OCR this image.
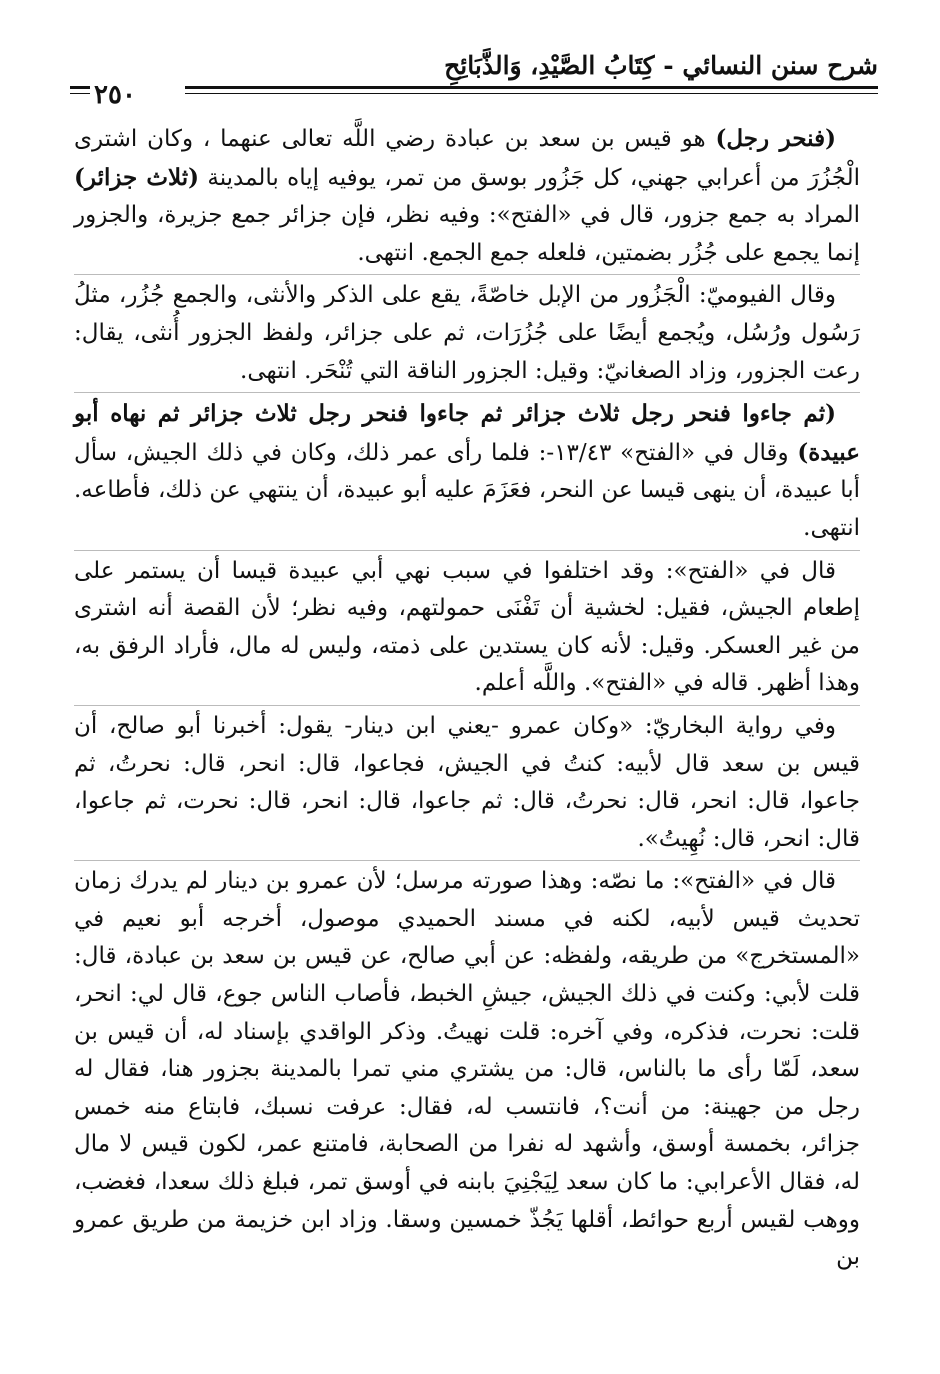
شرح سنن النسائي - كِتَابُ الصَّيْدِ، وَالذَّبَائِحِ
٢٥٠

(فنحر رجل) هو قيس بن سعد بن عبادة رضي اللَّه تعالى عنهما ، وكان اشترى الْجُزُرَ من أعرابي جهني، كل جَزُور بوسق من تمر، يوفيه إياه بالمدينة (ثلاث جزائر) المراد به جمع جزور، قال في «الفتح»: وفيه نظر، فإن جزائر جمع جزيرة، والجزور إنما يجمع على جُزُر بضمتين، فلعله جمع الجمع. انتهى.

وقال الفيوميّ: الْجَزُور من الإبل خاصّةً، يقع على الذكر والأنثى، والجمع جُزُر، مثلُ رَسُول ورُسُل، ويُجمع أيضًا على جُزُرَات، ثم على جزائر، ولفظ الجزور أُنثى، يقال: رعت الجزور، وزاد الصغانيّ: وقيل: الجزور الناقة التي تُنْحَر. انتهى.

(ثم جاءوا فنحر رجل ثلاث جزائر ثم جاءوا فنحر رجل ثلاث جزائر ثم نهاه أبو عبيدة) وقال في «الفتح» ١٣/٤٣-: فلما رأى عمر ذلك، وكان في ذلك الجيش، سأل أبا عبيدة، أن ينهى قيسا عن النحر، فعَزَمَ عليه أبو عبيدة، أن ينتهي عن ذلك، فأطاعه. انتهى.

قال في «الفتح»: وقد اختلفوا في سبب نهي أبي عبيدة قيسا أن يستمر على إطعام الجيش، فقيل: لخشية أن تَفْنَى حمولتهم، وفيه نظر؛ لأن القصة أنه اشترى من غير العسكر. وقيل: لأنه كان يستدين على ذمته، وليس له مال، فأراد الرفق به، وهذا أظهر. قاله في «الفتح». واللَّه أعلم.

وفي رواية البخاريّ: «وكان عمرو -يعني ابن دينار- يقول: أخبرنا أبو صالح، أن قيس بن سعد قال لأبيه: كنتُ في الجيش، فجاعوا، قال: انحر، قال: نحرتُ، ثم جاعوا، قال: انحر، قال: نحرتُ، قال: ثم جاعوا، قال: انحر، قال: نحرت، ثم جاعوا، قال: انحر، قال: نُهِيتُ».

قال في «الفتح»: ما نصّه: وهذا صورته مرسل؛ لأن عمرو بن دينار لم يدرك زمان تحديث قيس لأبيه، لكنه في مسند الحميدي موصول، أخرجه أبو نعيم في «المستخرج» من طريقه، ولفظه: عن أبي صالح، عن قيس بن سعد بن عبادة، قال: قلت لأبي: وكنت في ذلك الجيش، جيشِ الخبط، فأصاب الناس جوع، قال لي: انحر، قلت: نحرت، فذكره، وفي آخره: قلت نهيتُ. وذكر الواقدي بإسناد له، أن قيس بن سعد، لَمّا رأى ما بالناس، قال: من يشتري مني تمرا بالمدينة بجزور هنا، فقال له رجل من جهينة: من أنت؟، فانتسب له، فقال: عرفت نسبك، فابتاع منه خمس جزائر، بخمسة أوسق، وأشهد له نفرا من الصحابة، فامتنع عمر، لكون قيس لا مال له، فقال الأعرابي: ما كان سعد لِيَجْنِيَ بابنه في أوسق تمر، فبلغ ذلك سعدا، فغضب، ووهب لقيس أربع حوائط، أقلها يَجُذّ خمسين وسقا. وزاد ابن خزيمة من طريق عمرو بن
